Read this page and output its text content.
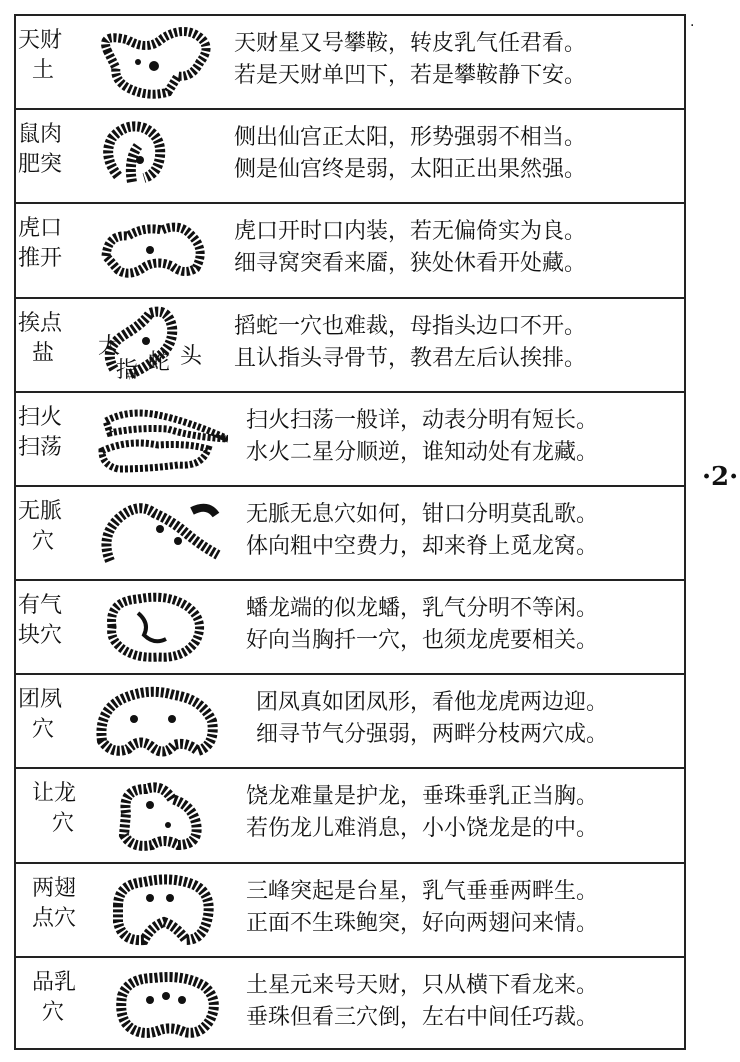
.
天财
土
天财星又号攀鞍，转皮乳气任君看。
若是天财单凹下，若是攀鞍静下安。
鼠肉
肥突
侧出仙宫正太阳，形势强弱不相当。
侧是仙宫终是弱，太阳正出果然强。
虎口
推开
虎口开时口内装，若无偏倚实为良。
细寻窝突看来靥，狭处休看开处藏。
挨点
盐	大
指 蛇 头
搯蛇一穴也难裁，母指头边口不开。
且认指头寻骨节，教君左后认挨排。
扫火
扫荡
扫火扫荡一般详，动表分明有短长。
水火二星分顺逆，谁知动处有龙藏。
无脈
穴
无脈无息穴如何，钳口分明莫乱歌。
体向粗中空费力，却来脊上觅龙窝。
有气
块穴
蟠龙端的似龙蟠，乳气分明不等闲。
好向当胸扦一穴，也须龙虎要相关。
团夙
穴
团凤真如团凤形，看他龙虎两边迎。
细寻节气分强弱，两畔分枝两穴成。
让龙
穴
饶龙难量是护龙，垂珠垂乳正当胸。
若伤龙儿难消息，小小饶龙是的中。
两翅
点穴
三峰突起是台星，乳气垂垂两畔生。
正面不生珠鲍突，好向两翅问来情。
品乳
穴
土星元来号天财，只从横下看龙来。
垂珠但看三穴倒，左右中间任巧裁。
·2·
